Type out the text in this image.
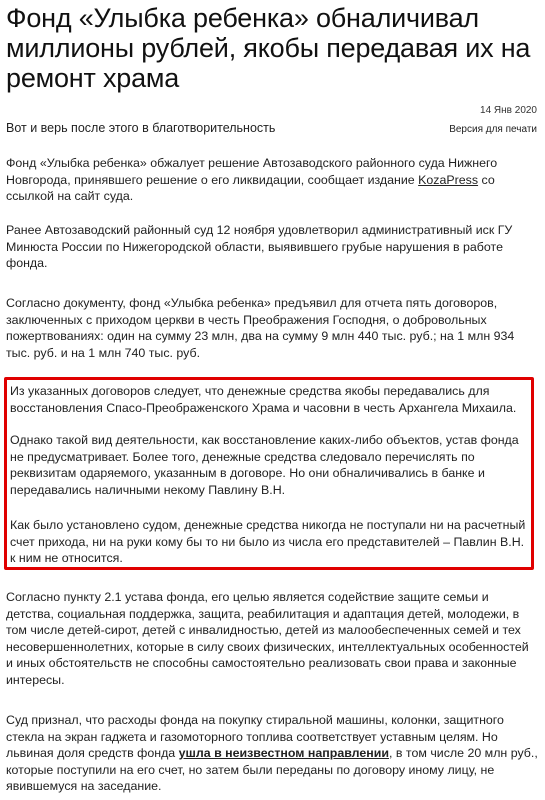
Фонд «Улыбка ребенка» обналичивал миллионы рублей, якобы передавая их на ремонт храма
14 Янв 2020
Версия для печати
Вот и верь после этого в благотворительность

Фонд «Улыбка ребенка» обжалует решение Автозаводского районного суда Нижнего Новгорода, принявшего решение о его ликвидации, сообщает издание KozaPress со ссылкой на сайт суда.

Ранее Автозаводский районный суд 12 ноября удовлетворил административный иск ГУ Минюста России по Нижегородской области, выявившего грубые нарушения в работе фонда.

Согласно документу, фонд «Улыбка ребенка» предъявил для отчета пять договоров, заключенных с приходом церкви в честь Преображения Господня, о добровольных пожертвованиях: один на сумму 23 млн, два на сумму 9 млн 440 тыс. руб.; на 1 млн 934 тыс. руб. и на 1 млн 740 тыс. руб.

Из указанных договоров следует, что денежные средства якобы передавались для восстановления Спасо-Преображенского Храма и часовни в честь Архангела Михаила.

Однако такой вид деятельности, как восстановление каких-либо объектов, устав фонда не предусматривает. Более того, денежные средства следовало перечислять по реквизитам одаряемого, указанным в договоре. Но они обналичивались в банке и передавались наличными некому Павлину В.Н.

Как было установлено судом, денежные средства никогда не поступали ни на расчетный счет прихода, ни на руки кому бы то ни было из числа его представителей – Павлин В.Н. к ним не относится.

Согласно пункту 2.1 устава фонда, его целью является содействие защите семьи и детства, социальная поддержка, защита, реабилитация и адаптация детей, молодежи, в том числе детей-сирот, детей с инвалидностью, детей из малообеспеченных семей и тех несовершеннолетних, которые в силу своих физических, интеллектуальных особенностей и иных обстоятельств не способны самостоятельно реализовать свои права и законные интересы.

Суд признал, что расходы фонда на покупку стиральной машины, колонки, защитного стекла на экран гаджета и газомоторного топлива соответствует уставным целям. Но львиная доля средств фонда ушла в неизвестном направлении, в том числе 20 млн руб., которые поступили на его счет, но затем были переданы по договору иному лицу, не явившемуся на заседание.
